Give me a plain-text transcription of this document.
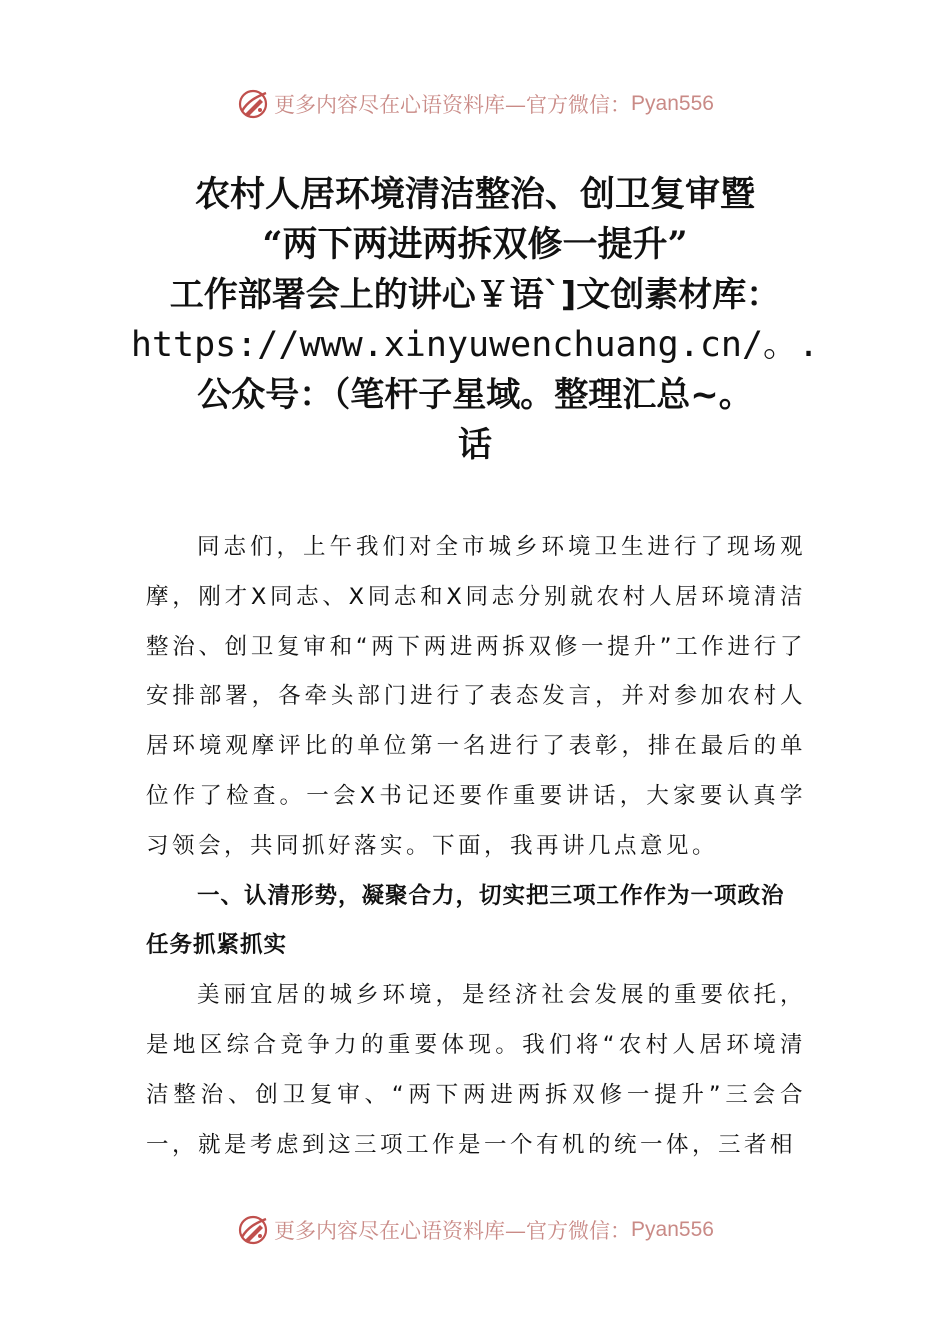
更多内容尽在心语资料库—官方微信： Pyan556
农村人居环境清洁整治、创卫复审暨
“两下两进两拆双修一提升”
工作部署会上的讲心￥语`]文创素材库：
https://www.xinyuwenchuang.cn/。.
公众号：（笔杆子星域。整理汇总~。
话

同志们，上午我们对全市城乡环境卫生进行了现场观摩，刚才X同志、X同志和X同志分别就农村人居环境清洁整治、创卫复审和“两下两进两拆双修一提升”工作进行了安排部署，各牵头部门进行了表态发言，并对参加农村人居环境观摩评比的单位第一名进行了表彰，排在最后的单位作了检查。一会X书记还要作重要讲话，大家要认真学习领会，共同抓好落实。下面，我再讲几点意见。

一、认清形势，凝聚合力，切实把三项工作作为一项政治任务抓紧抓实

美丽宜居的城乡环境，是经济社会发展的重要依托，是地区综合竞争力的重要体现。我们将“农村人居环境清洁整治、创卫复审、“两下两进两拆双修一提升”三会合一，就是考虑到这三项工作是一个有机的统一体，三者相

更多内容尽在心语资料库—官方微信： Pyan556
